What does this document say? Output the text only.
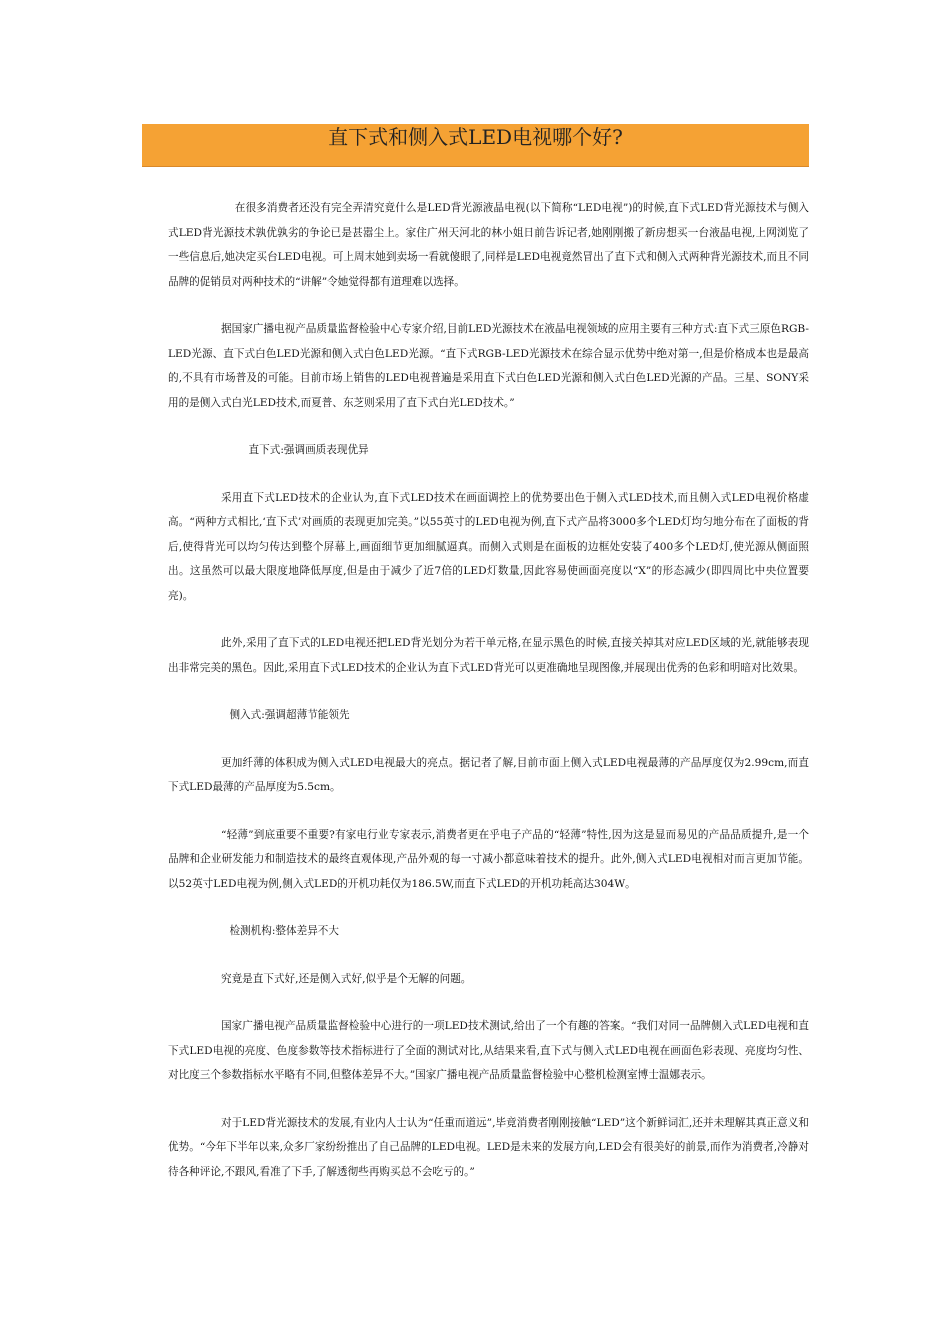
直下式和侧入式LED电视哪个好?

在很多消费者还没有完全弄清究竟什么是LED背光源液晶电视(以下简称“LED电视”)的时候,直下式LED背光源技术与侧入式LED背光源技术孰优孰劣的争论已是甚嚣尘上。家住广州天河北的林小姐日前告诉记者,她刚刚搬了新房想买一台液晶电视,上网浏览了一些信息后,她决定买台LED电视。可上周末她到卖场一看就傻眼了,同样是LED电视竟然冒出了直下式和侧入式两种背光源技术,而且不同品牌的促销员对两种技术的“讲解”令她觉得都有道理难以选择。

据国家广播电视产品质量监督检验中心专家介绍,目前LED光源技术在液晶电视领域的应用主要有三种方式:直下式三原色RGB-LED光源、直下式白色LED光源和侧入式白色LED光源。“直下式RGB-LED光源技术在综合显示优势中绝对第一,但是价格成本也是最高的,不具有市场普及的可能。目前市场上销售的LED电视普遍是采用直下式白色LED光源和侧入式白色LED光源的产品。三星、SONY采用的是侧入式白光LED技术,而夏普、东芝则采用了直下式白光LED技术。”

直下式:强调画质表现优异

采用直下式LED技术的企业认为,直下式LED技术在画面调控上的优势要出色于侧入式LED技术,而且侧入式LED电视价格虚高。“两种方式相比,‘直下式’对画质的表现更加完美。”以55英寸的LED电视为例,直下式产品将3000多个LED灯均匀地分布在了面板的背后,使得背光可以均匀传达到整个屏幕上,画面细节更加细腻逼真。而侧入式则是在面板的边框处安装了400多个LED灯,使光源从侧面照出。这虽然可以最大限度地降低厚度,但是由于减少了近7倍的LED灯数量,因此容易使画面亮度以“X”的形态减少(即四周比中央位置要亮)。

此外,采用了直下式的LED电视还把LED背光划分为若干单元格,在显示黑色的时候,直接关掉其对应LED区域的光,就能够表现出非常完美的黑色。因此,采用直下式LED技术的企业认为直下式LED背光可以更准确地呈现图像,并展现出优秀的色彩和明暗对比效果。

侧入式:强调超薄节能领先

更加纤薄的体积成为侧入式LED电视最大的亮点。据记者了解,目前市面上侧入式LED电视最薄的产品厚度仅为2.99cm,而直下式LED最薄的产品厚度为5.5cm。

“轻薄”到底重要不重要?有家电行业专家表示,消费者更在乎电子产品的“轻薄”特性,因为这是显而易见的产品品质提升,是一个品牌和企业研发能力和制造技术的最终直观体现,产品外观的每一寸减小都意味着技术的提升。此外,侧入式LED电视相对而言更加节能。以52英寸LED电视为例,侧入式LED的开机功耗仅为186.5W,而直下式LED的开机功耗高达304W。

检测机构:整体差异不大

究竟是直下式好,还是侧入式好,似乎是个无解的问题。

国家广播电视产品质量监督检验中心进行的一项LED技术测试,给出了一个有趣的答案。“我们对同一品牌侧入式LED电视和直下式LED电视的亮度、色度参数等技术指标进行了全面的测试对比,从结果来看,直下式与侧入式LED电视在画面色彩表现、亮度均匀性、对比度三个参数指标水平略有不同,但整体差异不大。”国家广播电视产品质量监督检验中心整机检测室博士温娜表示。

对于LED背光源技术的发展,有业内人士认为“任重而道远”,毕竟消费者刚刚接触“LED”这个新鲜词汇,还并未理解其真正意义和优势。“今年下半年以来,众多厂家纷纷推出了自己品牌的LED电视。LED是未来的发展方向,LED会有很美好的前景,而作为消费者,冷静对待各种评论,不跟风,看准了下手,了解透彻些再购买总不会吃亏的。”
